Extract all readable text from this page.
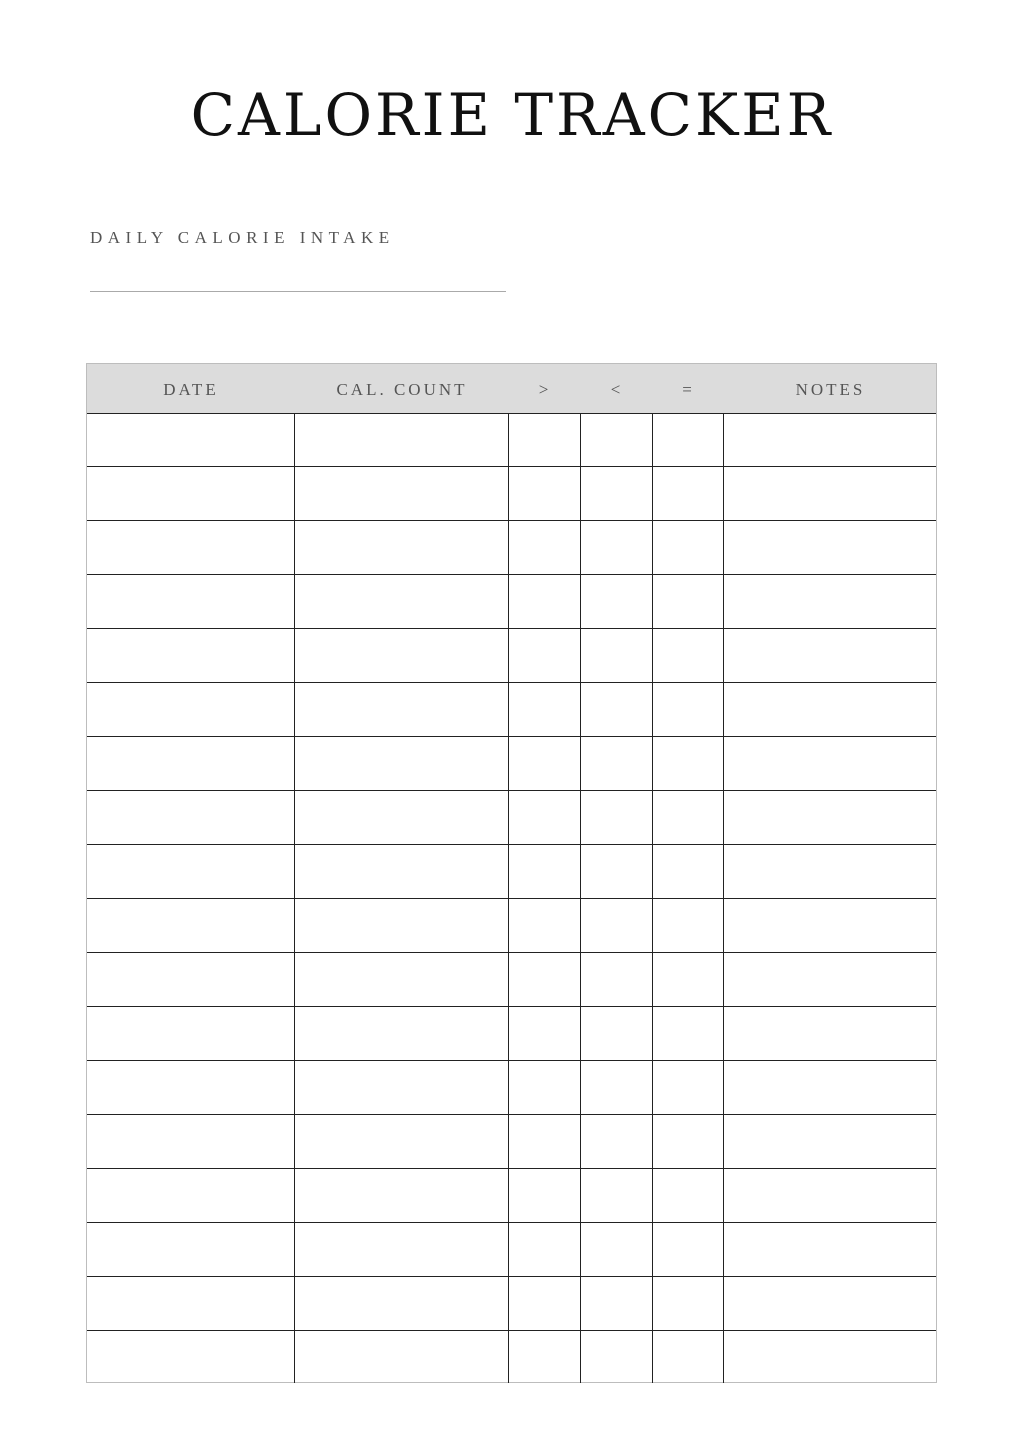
CALORIE TRACKER
DAILY CALORIE INTAKE
DATE	CAL. COUNT	>	<	=	NOTES
